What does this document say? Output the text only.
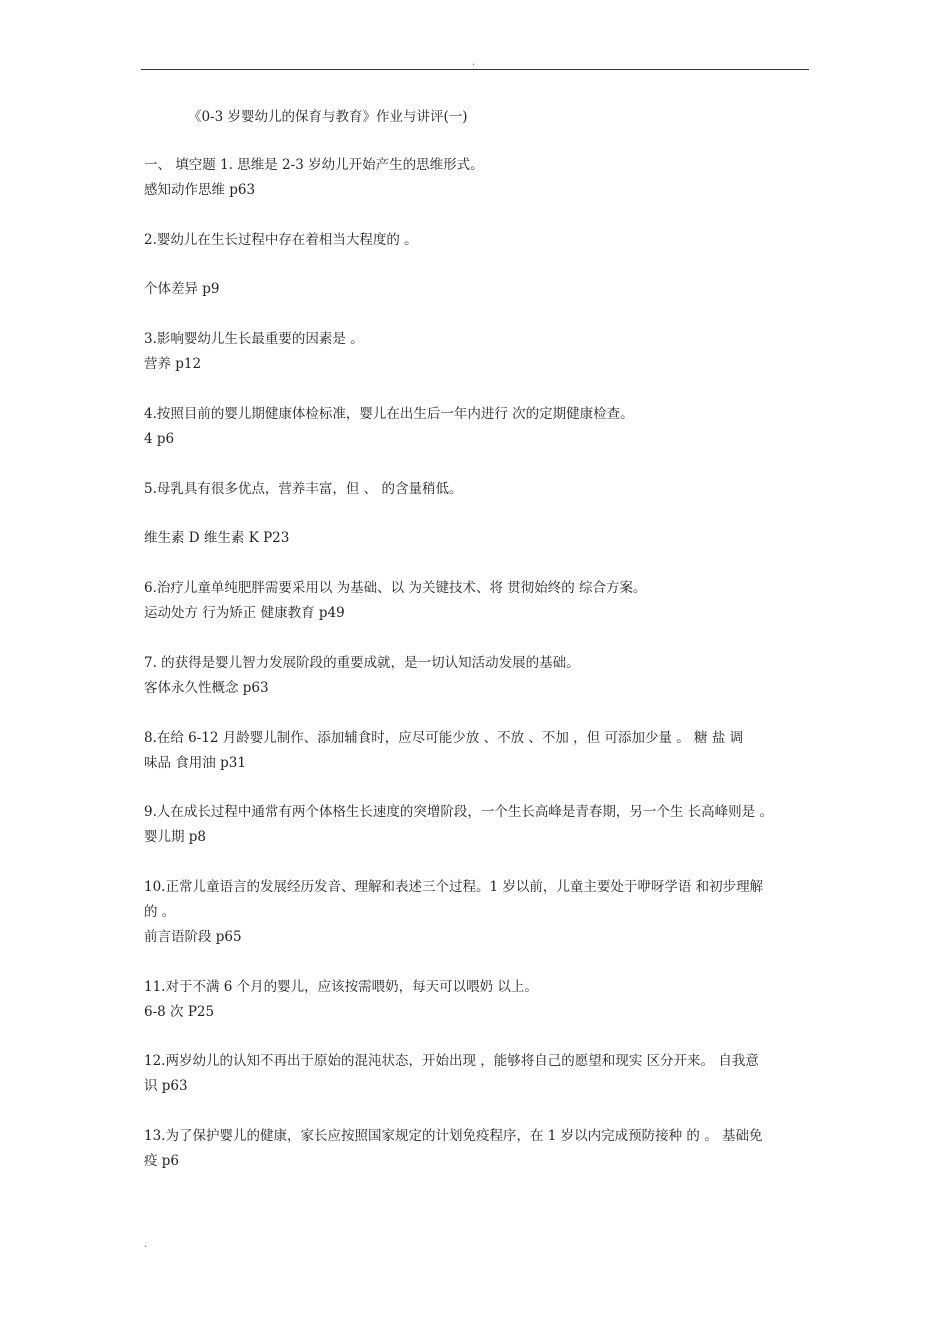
.
《0-3 岁婴幼儿的保育与教育》作业与讲评(一)
一、 填空题 1. 思维是 2-3 岁幼儿开始产生的思维形式。
感知动作思维 p63
2.婴幼儿在生长过程中存在着相当大程度的 。
个体差异 p9
3.影响婴幼儿生长最重要的因素是 。
营养 p12
4.按照目前的婴儿期健康体检标准，婴儿在出生后一年内进行 次的定期健康检查。
4 p6
5.母乳具有很多优点，营养丰富，但 、 的含量稍低。
维生素 D 维生素 K P23
6.治疗儿童单纯肥胖需要采用以 为基础、以 为关键技术、将 贯彻始终的 综合方案。
运动处方 行为矫正 健康教育 p49
7. 的获得是婴儿智力发展阶段的重要成就，是一切认知活动发展的基础。
客体永久性概念 p63
8.在给 6-12 月龄婴儿制作、添加辅食时，应尽可能少放 、不放 、不加 ，但 可添加少量 。 糖 盐 调
味品 食用油 p31
9.人在成长过程中通常有两个体格生长速度的突增阶段，一个生长高峰是青春期，另一个生 长高峰则是 。
婴儿期 p8
10.正常儿童语言的发展经历发音、理解和表述三个过程。1 岁以前，儿童主要处于咿呀学语 和初步理解
的 。
前言语阶段 p65
11.对于不满 6 个月的婴儿，应该按需喂奶，每天可以喂奶 以上。
6-8 次 P25
12.两岁幼儿的认知不再出于原始的混沌状态，开始出现 ，能够将自己的愿望和现实 区分开来。 自我意
识 p63
13.为了保护婴儿的健康，家长应按照国家规定的计划免疫程序，在 1 岁以内完成预防接种 的 。 基础免
疫 p6
.
